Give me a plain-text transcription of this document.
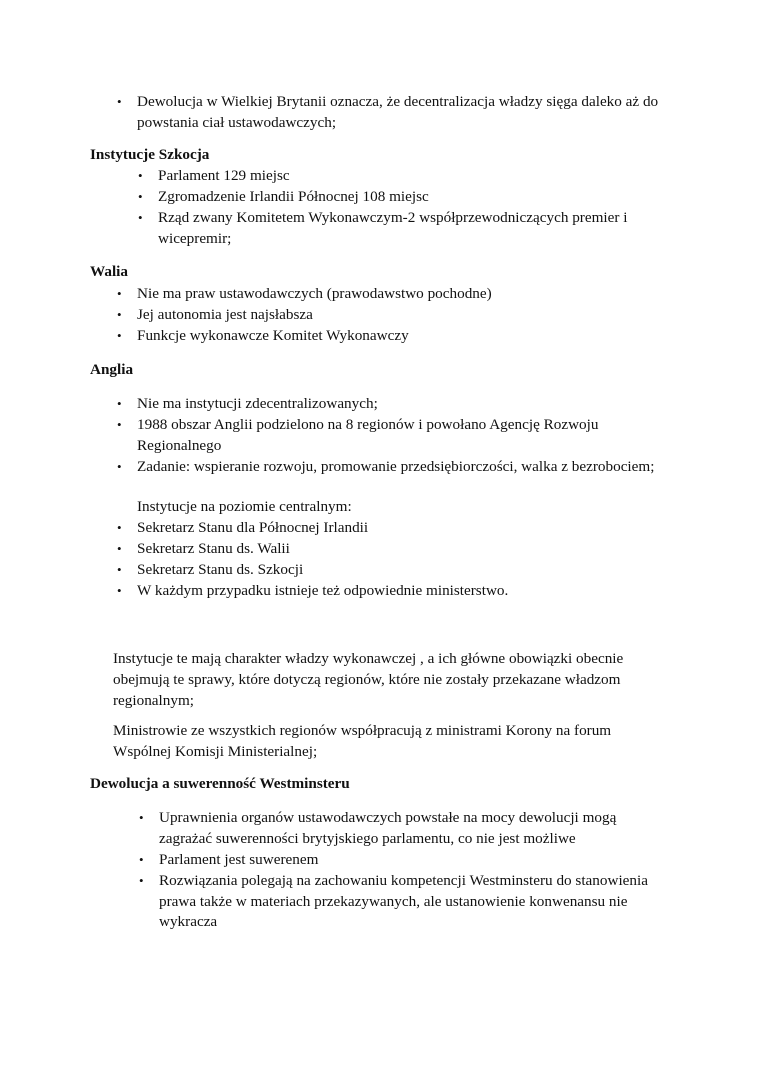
• Dewolucja w Wielkiej Brytanii oznacza, że decentralizacja władzy sięga daleko aż do powstania ciał ustawodawczych;
Instytucje Szkocja
• Parlament 129 miejsc
• Zgromadzenie Irlandii Północnej 108 miejsc
• Rząd zwany Komitetem Wykonawczym-2 współprzewodniczących premier i wicepremir;
Walia
• Nie ma praw ustawodawczych (prawodawstwo pochodne)
• Jej autonomia jest najsłabsza
• Funkcje wykonawcze Komitet Wykonawczy
Anglia
• Nie ma instytucji zdecentralizowanych;
• 1988 obszar Anglii podzielono na 8 regionów i powołano Agencję Rozwoju Regionalnego
• Zadanie: wspieranie rozwoju, promowanie przedsiębiorczości, walka z bezrobociem;
Instytucje na poziomie centralnym:
• Sekretarz Stanu dla Północnej Irlandii
• Sekretarz Stanu ds. Walii
• Sekretarz Stanu ds. Szkocji
• W każdym przypadku istnieje też odpowiednie ministerstwo.
Instytucje te mają charakter władzy wykonawczej , a ich główne obowiązki obecnie obejmują te sprawy, które dotyczą regionów, które nie zostały przekazane władzom regionalnym;
Ministrowie ze wszystkich regionów współpracują z ministrami Korony na forum Wspólnej Komisji Ministerialnej;
Dewolucja a suwerenność Westminsteru
• Uprawnienia organów ustawodawczych powstałe na mocy dewolucji mogą zagrażać suwerenności brytyjskiego parlamentu, co nie jest możliwe
• Parlament jest suwerenem
• Rozwiązania polegają na zachowaniu kompetencji Westminsteru do stanowienia prawa także w materiach przekazywanych, ale ustanowienie konwenansu nie wykracza
